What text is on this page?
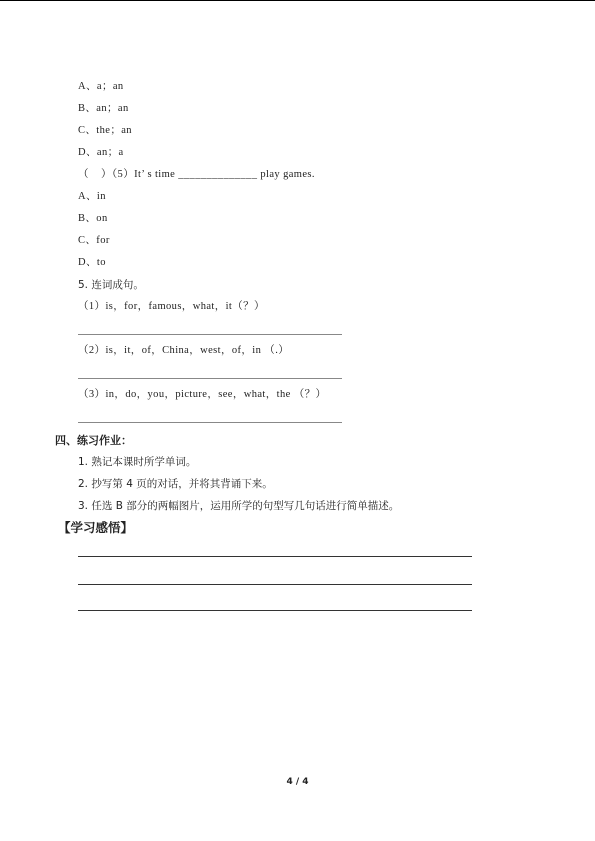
A、a；an
B、an；an
C、the；an
D、an；a
（    ）（5）It’ s time ______________ play games.
A、in
B、on
C、for
D、to
5. 连词成句。
（1）is，for，famous，what，it（？）
（2）is，it，of，China，west，of，in （.）
（3）in，do，you，picture，see，what，the （？）
四、练习作业：
1. 熟记本课时所学单词。
2. 抄写第 4 页的对话，并将其背诵下来。
3. 任选 B 部分的两幅图片，运用所学的句型写几句话进行简单描述。
【学习感悟】
4 / 4
